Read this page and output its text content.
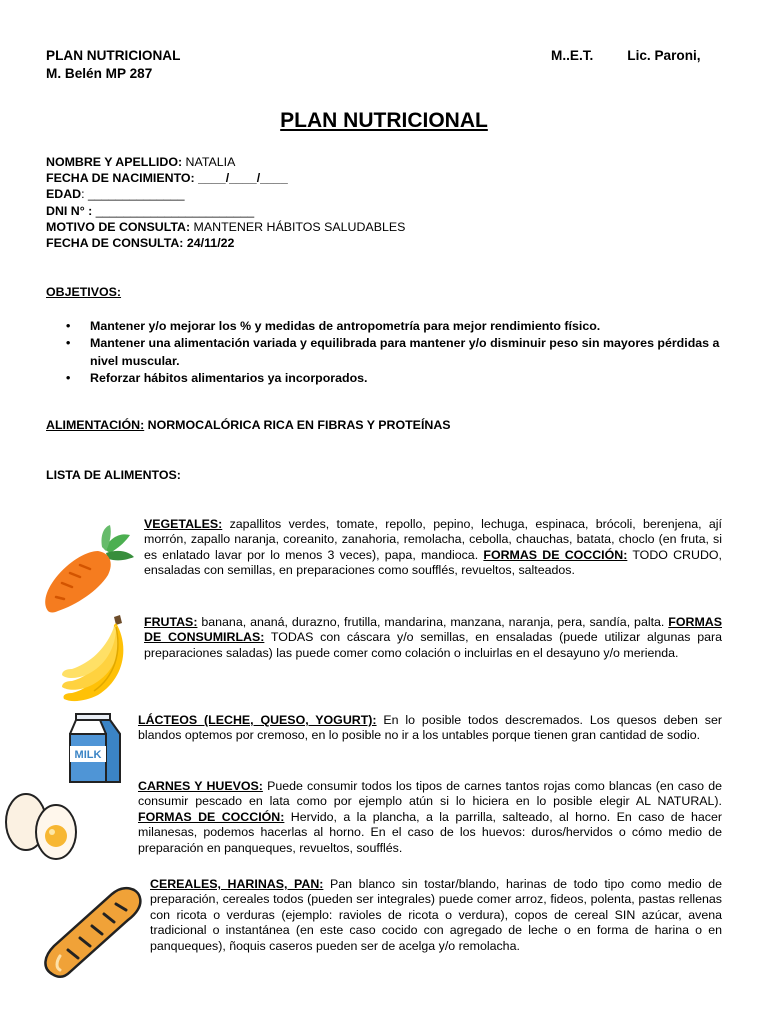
PLAN NUTRICIONAL
M. Belén MP 287
M..E.T.	Lic. Paroni,
PLAN NUTRICIONAL
NOMBRE Y APELLIDO: NATALIA
FECHA DE NACIMIENTO: ____/____/____
EDAD: ______________
DNI N° : _______________________
MOTIVO DE CONSULTA: MANTENER HÁBITOS SALUDABLES
FECHA DE CONSULTA: 24/11/22
OBJETIVOS:
• Mantener y/o mejorar los % y medidas de antropometría para mejor rendimiento físico.
• Mantener una alimentación variada y equilibrada para mantener y/o disminuir peso sin mayores pérdidas a nivel muscular.
• Reforzar hábitos alimentarios ya incorporados.
ALIMENTACIÓN: NORMOCALÓRICA RICA EN FIBRAS Y PROTEÍNAS
LISTA DE ALIMENTOS:
VEGETALES: zapallitos verdes, tomate, repollo, pepino, lechuga, espinaca, brócoli, berenjena, ají morrón, zapallo naranja, coreanito, zanahoria, remolacha, cebolla, chauchas, batata, choclo (en fruta, si es enlatado lavar por lo menos 3 veces), papa, mandioca. FORMAS DE COCCIÓN: TODO CRUDO, ensaladas con semillas, en preparaciones como soufflés, revueltos, salteados.
FRUTAS: banana, ananá, durazno, frutilla, mandarina, manzana, naranja, pera, sandía, palta. FORMAS DE CONSUMIRLAS: TODAS con cáscara y/o semillas, en ensaladas (puede utilizar algunas para preparaciones saladas) las puede comer como colación o incluirlas en el desayuno y/o merienda.
MILK
LÁCTEOS (LECHE, QUESO, YOGURT): En lo posible todos descremados. Los quesos deben ser blandos optemos por cremoso, en lo posible no ir a los untables porque tienen gran cantidad de sodio.
CARNES Y HUEVOS: Puede consumir todos los tipos de carnes tantos rojas como blancas (en caso de consumir pescado en lata como por ejemplo atún si lo hiciera en lo posible elegir AL NATURAL). FORMAS DE COCCIÓN: Hervido, a la plancha, a la parrilla, salteado, al horno. En caso de hacer milanesas, podemos hacerlas al horno. En el caso de los huevos: duros/hervidos o cómo medio de preparación en panqueques, revueltos, soufflés.
CEREALES, HARINAS, PAN: Pan blanco sin tostar/blando, harinas de todo tipo como medio de preparación, cereales todos (pueden ser integrales) puede comer arroz, fideos, polenta, pastas rellenas con ricota o verduras (ejemplo: ravioles de ricota o verdura), copos de cereal SIN azúcar, avena tradicional o instantánea (en este caso cocido con agregado de leche o en forma de harina o en panqueques), ñoquis caseros pueden ser de acelga y/o remolacha.
